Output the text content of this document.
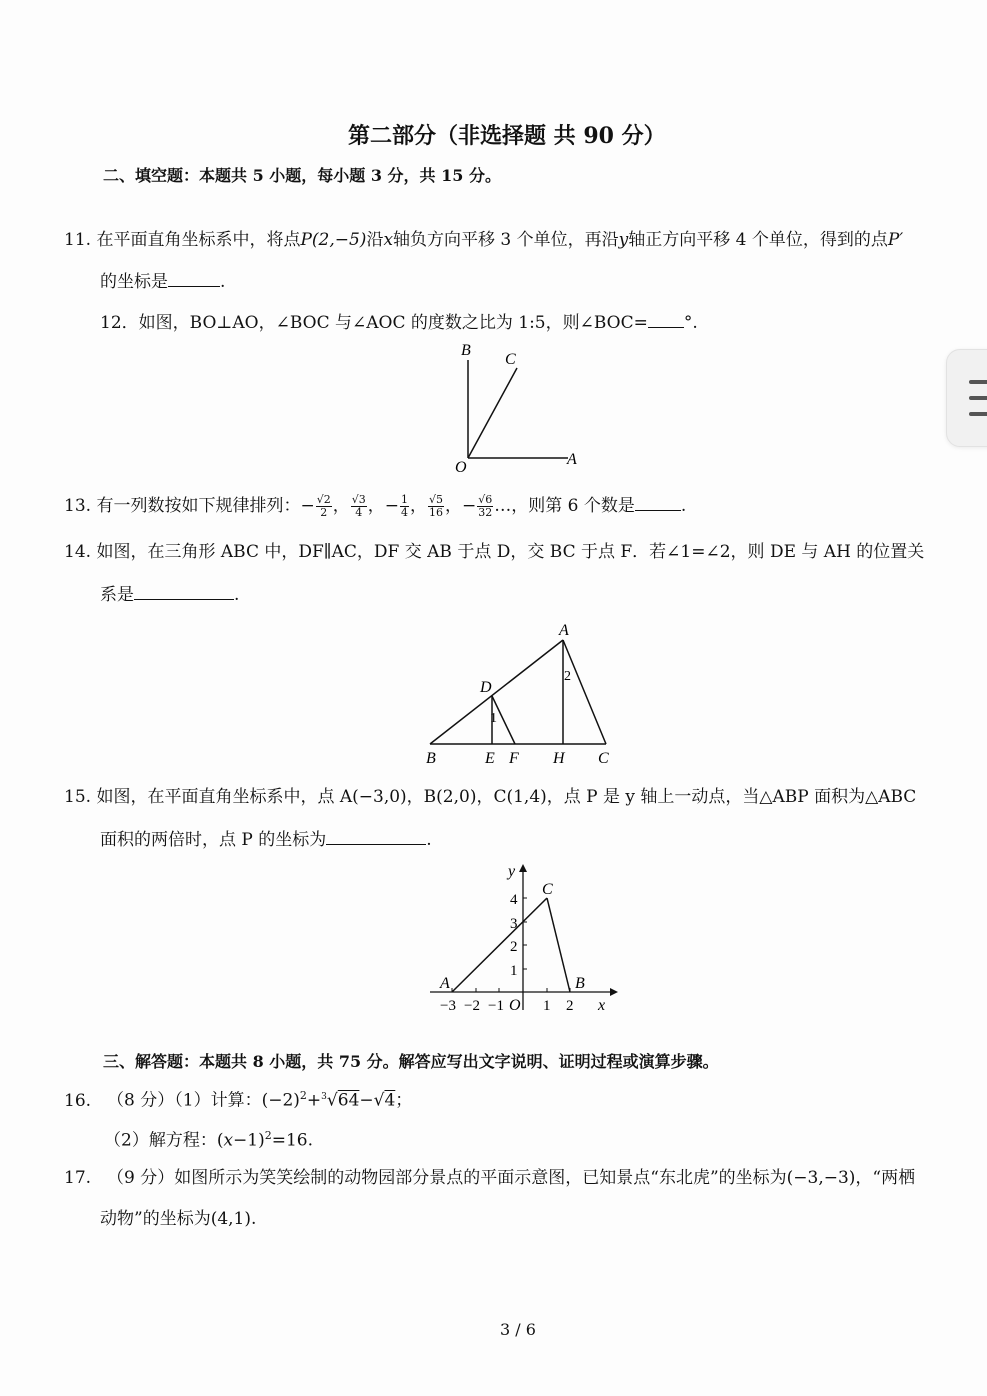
第二部分（非选择题 共 90 分）
二、填空题：本题共 5 小题，每小题 3 分，共 15 分。
11. 在平面直角坐标系中，将点P(2,−5)沿x轴负方向平移 3 个单位，再沿y轴正方向平移 4 个单位，得到的点P′
的坐标是	.
12．如图，BO⊥AO，∠BOC 与∠AOC 的度数之比为 1:5，则∠BOC= °.
B
C
O	A
13. 有一列数按如下规律排列：− $\frac{√2}{2}$ ， $\frac{√3}{4}$ ，− $\frac{1}{4}$ ， $\frac{√5}{16}$ ，− $\frac{√6}{32}$ …，则第 6 个数是	.
14. 如图，在三角形 ABC 中，DF∥AC，DF 交 AB 于点 D，交 BC 于点 F．若∠1=∠2，则 DE 与 AH 的位置关
系是	.
A
2
D
1
B	E F H C
15. 如图，在平面直角坐标系中，点 A(−3,0)，B(2,0)，C(1,4)，点 P 是 y 轴上一动点，当△ABP 面积为△ABC
面积的两倍时，点 P 的坐标为	.
y
C
4
3
2
1
A	B
−3 −2 −1 O 1 2 x
三、解答题：本题共 8 小题，共 75 分。解答应写出文字说明、证明过程或演算步骤。
16. （8 分）（1）计算：$(-2)^2+^3√64-√4$；
（2）解方程：$(x-1)^2=16$.
17. （9 分）如图所示为笑笑绘制的动物园部分景点的平面示意图，已知景点“东北虎”的坐标为(−3,−3)，“两栖
动物”的坐标为(4,1).
3 / 6
